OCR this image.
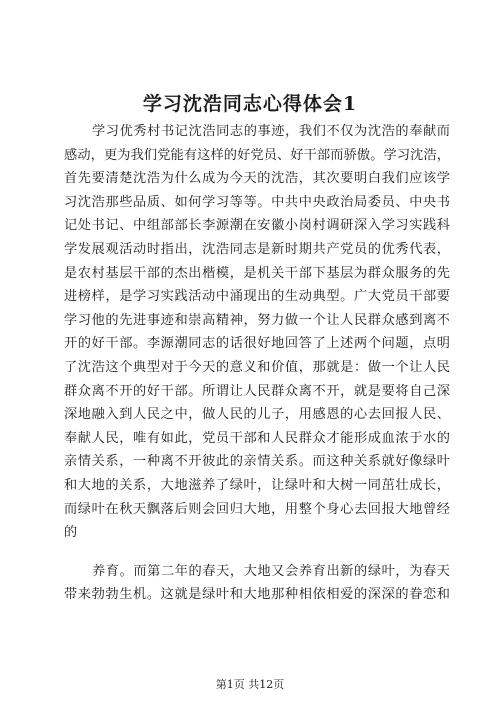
学习沈浩同志心得体会1
学习优秀村书记沈浩同志的事迹，我们不仅为沈浩的奉献而
感动，更为我们党能有这样的好党员、好干部而骄傲。学习沈浩，
首先要清楚沈浩为什么成为今天的沈浩，其次要明白我们应该学
习沈浩那些品质、如何学习等等。中共中央政治局委员、中央书
记处书记、中组部部长李源潮在安徽小岗村调研深入学习实践科
学发展观活动时指出，沈浩同志是新时期共产党员的优秀代表，
是农村基层干部的杰出楷模，是机关干部下基层为群众服务的先
进榜样，是学习实践活动中涌现出的生动典型。广大党员干部要
学习他的先进事迹和崇高精神，努力做一个让人民群众感到离不
开的好干部。李源潮同志的话很好地回答了上述两个问题，点明
了沈浩这个典型对于今天的意义和价值，那就是：做一个让人民
群众离不开的好干部。所谓让人民群众离不开，就是要将自己深
深地融入到人民之中，做人民的儿子，用感恩的心去回报人民、
奉献人民，唯有如此，党员干部和人民群众才能形成血浓于水的
亲情关系，一种离不开彼此的亲情关系。而这种关系就好像绿叶
和大地的关系，大地滋养了绿叶，让绿叶和大树一同茁壮成长，
而绿叶在秋天飘落后则会回归大地，用整个身心去回报大地曾经
的
养育。而第二年的春天，大地又会养育出新的绿叶，为春天
带来勃勃生机。这就是绿叶和大地那种相依相爱的深深的眷恋和
第1页 共12页
